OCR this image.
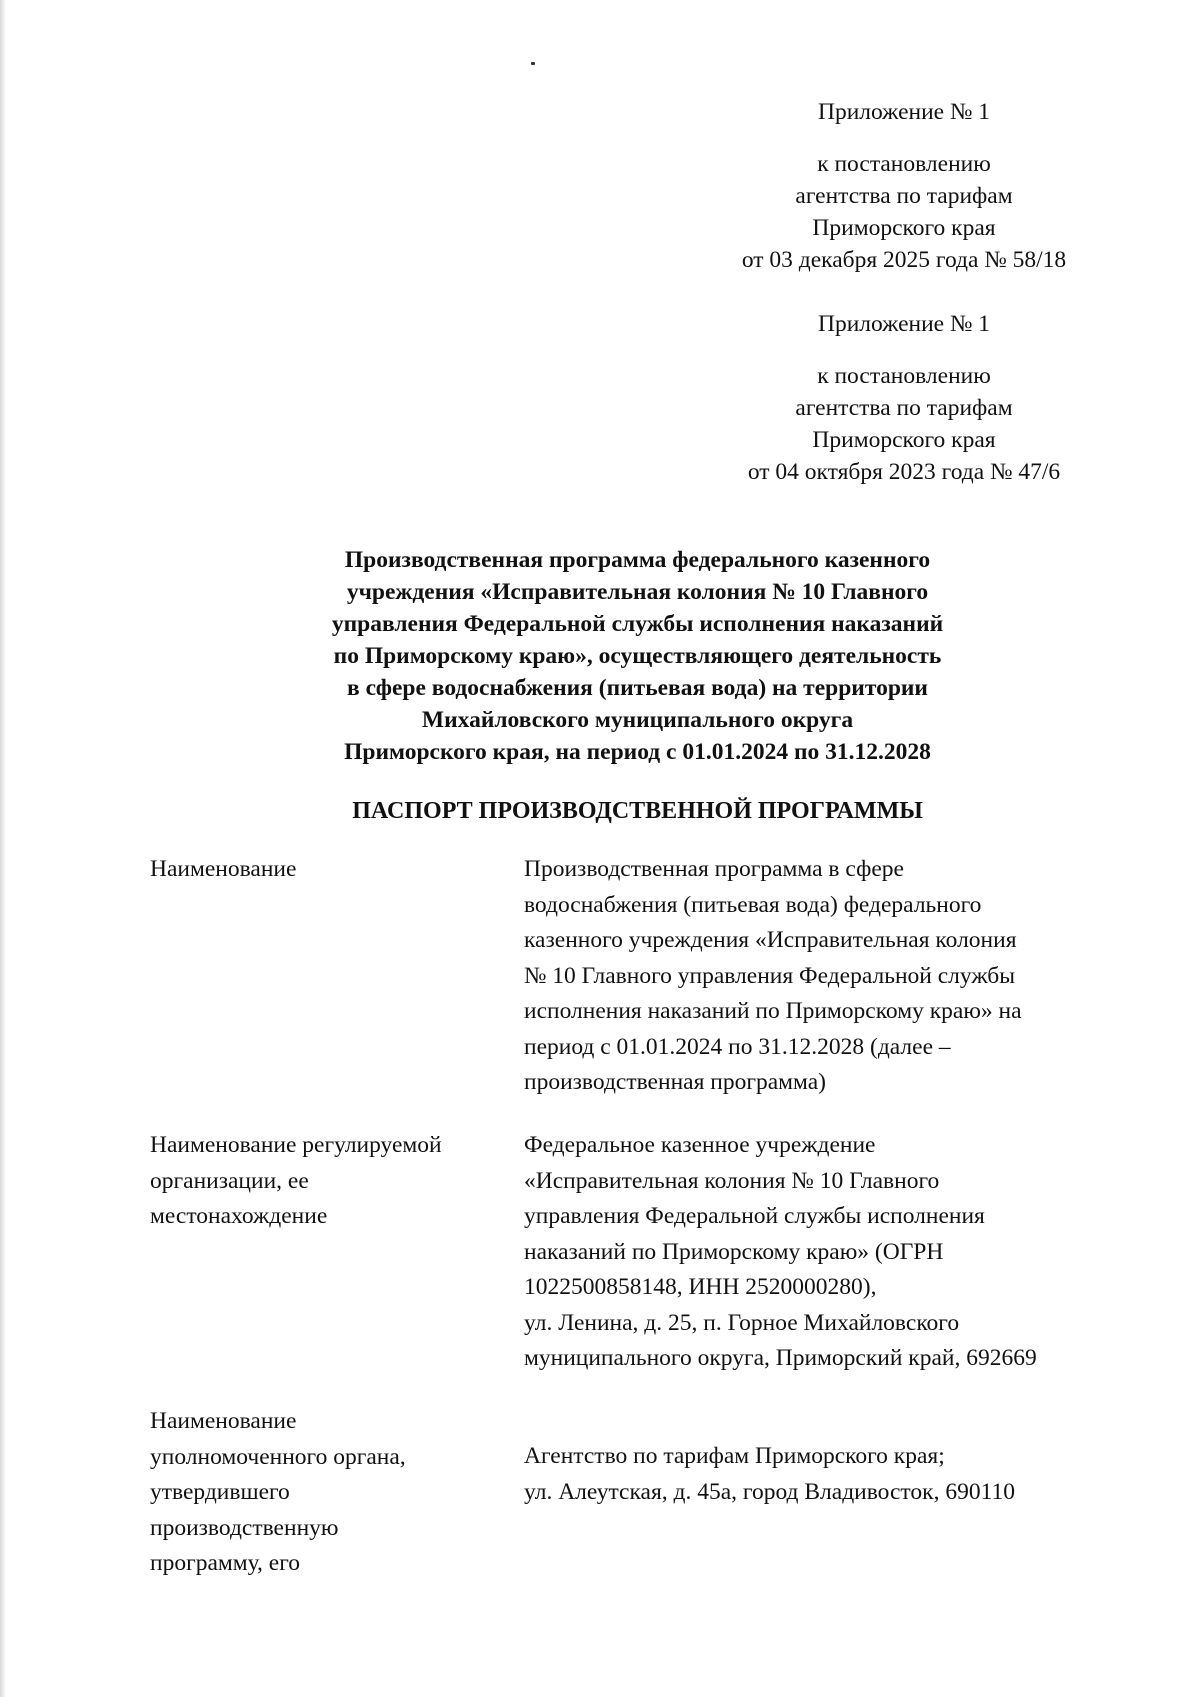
Приложение № 1
к постановлению
агентства по тарифам
Приморского края
от 03 декабря 2025 года № 58/18
Приложение № 1
к постановлению
агентства по тарифам
Приморского края
от 04 октября 2023 года № 47/6
Производственная программа федерального казенного
учреждения «Исправительная колония № 10 Главного
управления Федеральной службы исполнения наказаний
по Приморскому краю», осуществляющего деятельность
в сфере водоснабжения (питьевая вода) на территории
Михайловского муниципального округа
Приморского края, на период с 01.01.2024 по 31.12.2028
ПАСПОРТ ПРОИЗВОДСТВЕННОЙ ПРОГРАММЫ
Наименование	Производственная программа в сфере
водоснабжения (питьевая вода) федерального
казенного учреждения «Исправительная колония
№ 10 Главного управления Федеральной службы
исполнения наказаний по Приморскому краю» на
период с 01.01.2024 по 31.12.2028 (далее –
производственная программа)
Наименование регулируемой
организации, ее
местонахождение
Федеральное казенное учреждение
«Исправительная колония № 10 Главного
управления Федеральной службы исполнения
наказаний по Приморскому краю» (ОГРН
1022500858148, ИНН 2520000280),
ул. Ленина, д. 25, п. Горное Михайловского
муниципального округа, Приморский край, 692669
Наименование
уполномоченного органа,
утвердившего
производственную
программу, его
Агентство по тарифам Приморского края;
ул. Алеутская, д. 45а, город Владивосток, 690110
